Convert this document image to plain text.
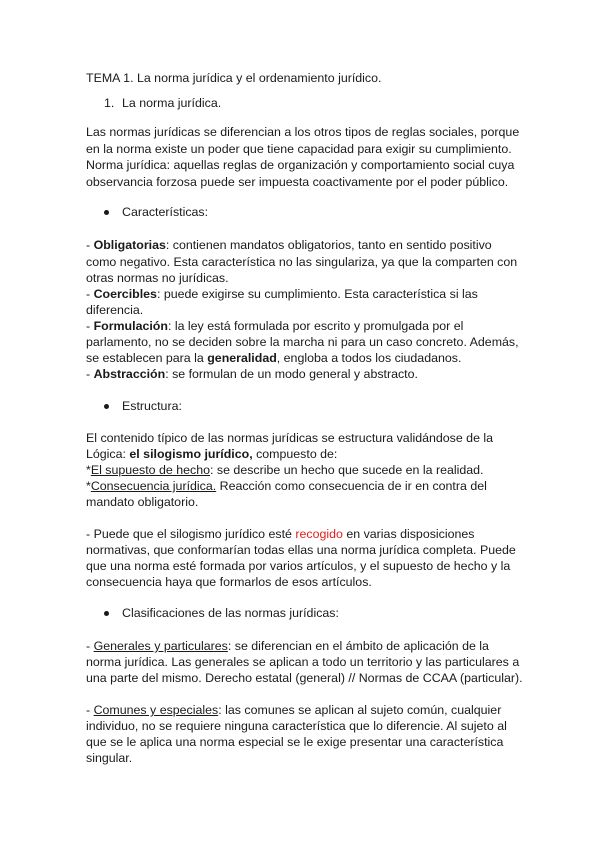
TEMA 1. La norma jurídica y el ordenamiento jurídico.

1. La norma jurídica.

Las normas jurídicas se diferencian a los otros tipos de reglas sociales, porque

en la norma existe un poder que tiene capacidad para exigir su cumplimiento.

Norma jurídica: aquellas reglas de organización y comportamiento social cuya

observancia forzosa puede ser impuesta coactivamente por el poder público.

Características:

- Obligatorias: contienen mandatos obligatorios, tanto en sentido positivo

como negativo. Esta característica no las singulariza, ya que la comparten con

otras normas no jurídicas.

- Coercibles: puede exigirse su cumplimiento. Esta característica si las

diferencia.

- Formulación: la ley está formulada por escrito y promulgada por el

parlamento, no se deciden sobre la marcha ni para un caso concreto. Además,

se establecen para la generalidad, engloba a todos los ciudadanos.

- Abstracción: se formulan de un modo general y abstracto.

Estructura:

El contenido típico de las normas jurídicas se estructura validándose de la

Lógica: el silogismo jurídico, compuesto de:

*El supuesto de hecho: se describe un hecho que sucede en la realidad.

*Consecuencia jurídica. Reacción como consecuencia de ir en contra del

mandato obligatorio.

- Puede que el silogismo jurídico esté recogido en varias disposiciones

normativas, que conformarían todas ellas una norma jurídica completa. Puede

que una norma esté formada por varios artículos, y el supuesto de hecho y la

consecuencia haya que formarlos de esos artículos.

Clasificaciones de las normas jurídicas:

- Generales y particulares: se diferencian en el ámbito de aplicación de la

norma jurídica. Las generales se aplican a todo un territorio y las particulares a

una parte del mismo. Derecho estatal (general) // Normas de CCAA (particular).

- Comunes y especiales: las comunes se aplican al sujeto común, cualquier

individuo, no se requiere ninguna característica que lo diferencie. Al sujeto al

que se le aplica una norma especial se le exige presentar una característica

singular.
